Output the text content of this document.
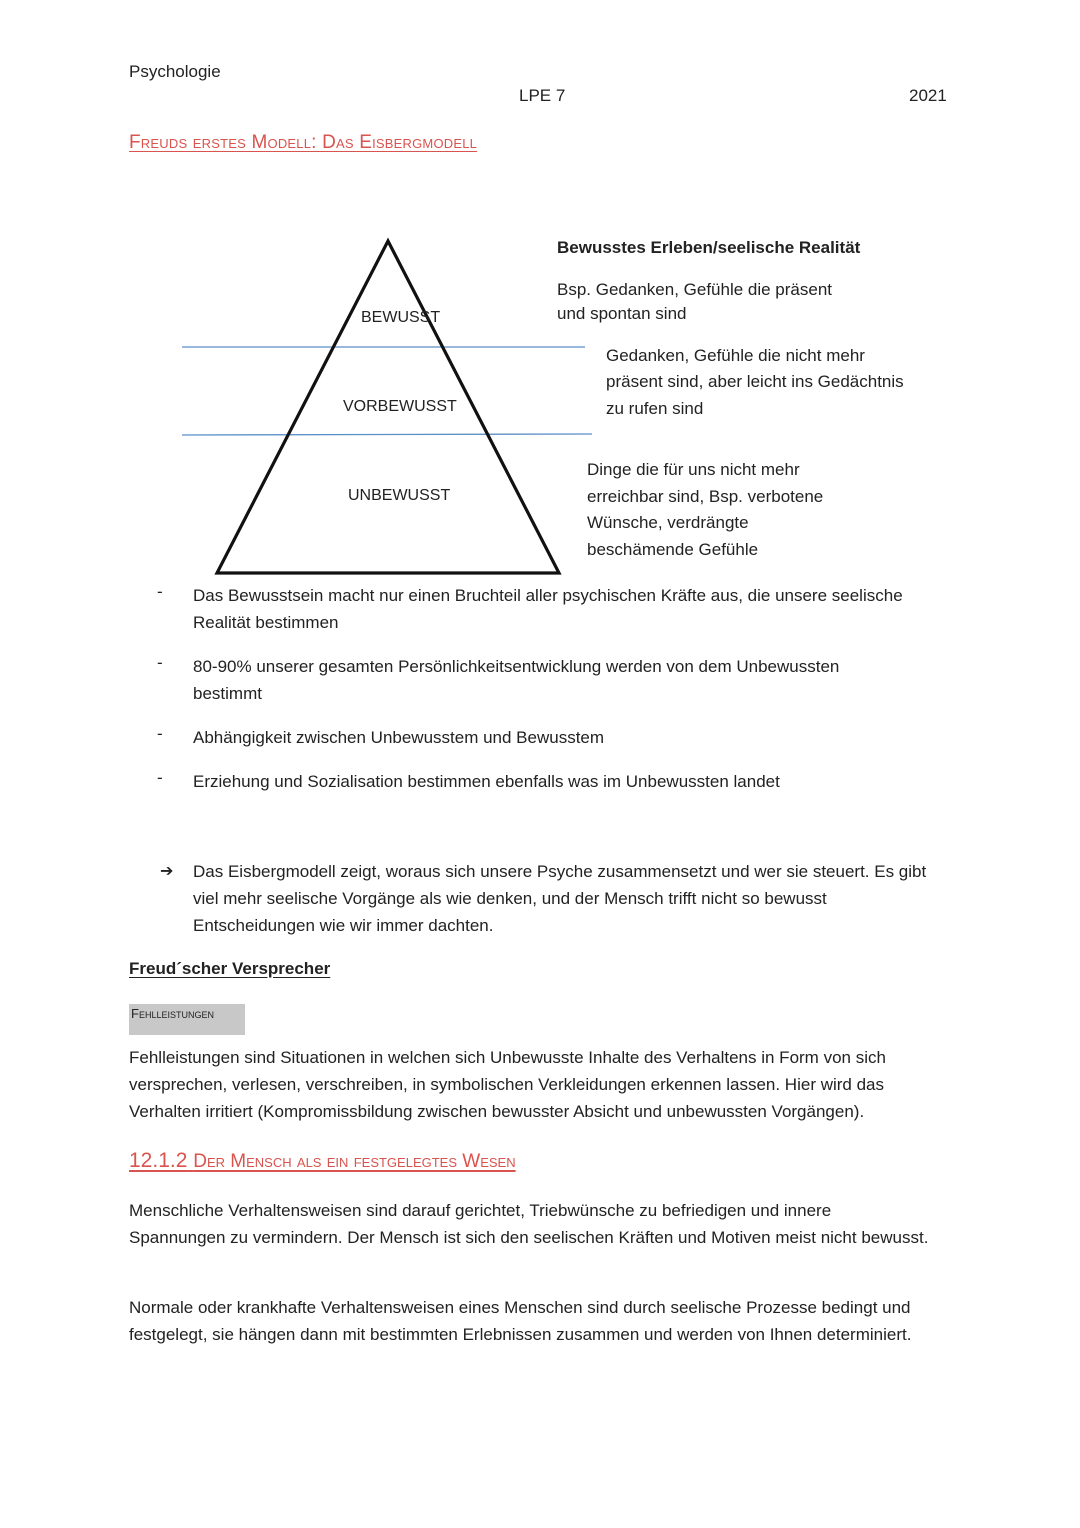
Psychologie
LPE 7	2021
Freuds erstes Modell: Das Eisbergmodell
BEWUSST
VORBEWUSST
UNBEWUSST
Bewusstes Erleben/seelische Realität
Bsp. Gedanken, Gefühle die präsent
und spontan sind
Gedanken, Gefühle die nicht mehr
präsent sind, aber leicht ins Gedächtnis
zu rufen sind
Dinge die für uns nicht mehr
erreichbar sind, Bsp. verbotene
Wünsche, verdrängte
beschämende Gefühle
- Das Bewusstsein macht nur einen Bruchteil aller psychischen Kräfte aus, die unsere seelische Realität bestimmen
- 80-90% unserer gesamten Persönlichkeitsentwicklung werden von dem Unbewussten bestimmt
- Abhängigkeit zwischen Unbewusstem und Bewusstem
- Erziehung und Sozialisation bestimmen ebenfalls was im Unbewussten landet
➔ Das Eisbergmodell zeigt, woraus sich unsere Psyche zusammensetzt und wer sie steuert. Es gibt viel mehr seelische Vorgänge als wie denken, und der Mensch trifft nicht so bewusst Entscheidungen wie wir immer dachten.
Freud´scher Versprecher
Fehlleistungen
Fehlleistungen sind Situationen in welchen sich Unbewusste Inhalte des Verhaltens in Form von sich versprechen, verlesen, verschreiben, in symbolischen Verkleidungen erkennen lassen. Hier wird das Verhalten irritiert (Kompromissbildung zwischen bewusster Absicht und unbewussten Vorgängen).
12.1.2 Der Mensch als ein festgelegtes Wesen
Menschliche Verhaltensweisen sind darauf gerichtet, Triebwünsche zu befriedigen und innere Spannungen zu vermindern. Der Mensch ist sich den seelischen Kräften und Motiven meist nicht bewusst.
Normale oder krankhafte Verhaltensweisen eines Menschen sind durch seelische Prozesse bedingt und festgelegt, sie hängen dann mit bestimmten Erlebnissen zusammen und werden von Ihnen determiniert.
